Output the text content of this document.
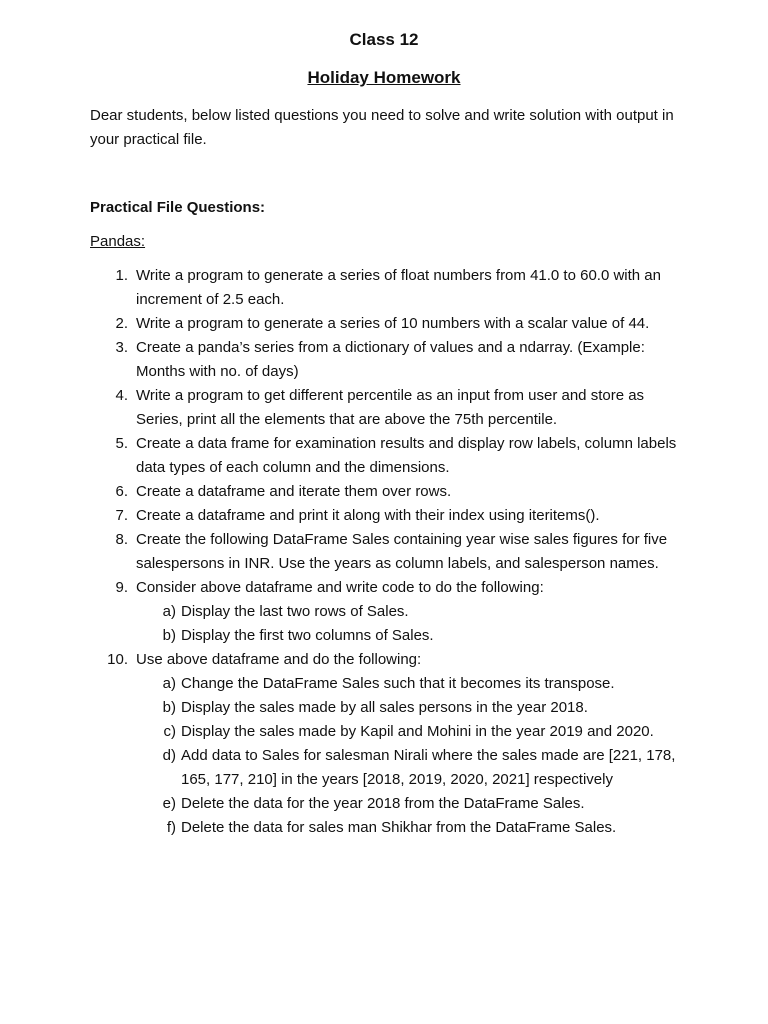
Class 12
Holiday Homework
Dear students, below listed questions you need to solve and write solution with output in your practical file.
Practical File Questions:
Pandas:
1. Write a program to generate a series of float numbers from 41.0 to 60.0 with an increment of 2.5 each.
2. Write a program to generate a series of 10 numbers with a scalar value of 44.
3. Create a panda’s series from a dictionary of values and a ndarray. (Example: Months with no. of days)
4. Write a program to get different percentile as an input from user and store as Series, print all the elements that are above the 75th percentile.
5. Create a data frame for examination results and display row labels, column labels data types of each column and the dimensions.
6. Create a dataframe and iterate them over rows.
7. Create a dataframe and print it along with their index using iteritems().
8. Create the following DataFrame Sales containing year wise sales figures for five salespersons in INR. Use the years as column labels, and salesperson names.
9. Consider above dataframe and write code to do the following:
a) Display the last two rows of Sales.
b) Display the first two columns of Sales.
10. Use above dataframe and do the following:
a) Change the DataFrame Sales such that it becomes its transpose.
b) Display the sales made by all sales persons in the year 2018.
c) Display the sales made by Kapil and Mohini in the year 2019 and 2020.
d) Add data to Sales for salesman Nirali where the sales made are [221, 178, 165, 177, 210] in the years [2018, 2019, 2020, 2021] respectively
e) Delete the data for the year 2018 from the DataFrame Sales.
f) Delete the data for sales man Shikhar from the DataFrame Sales.
